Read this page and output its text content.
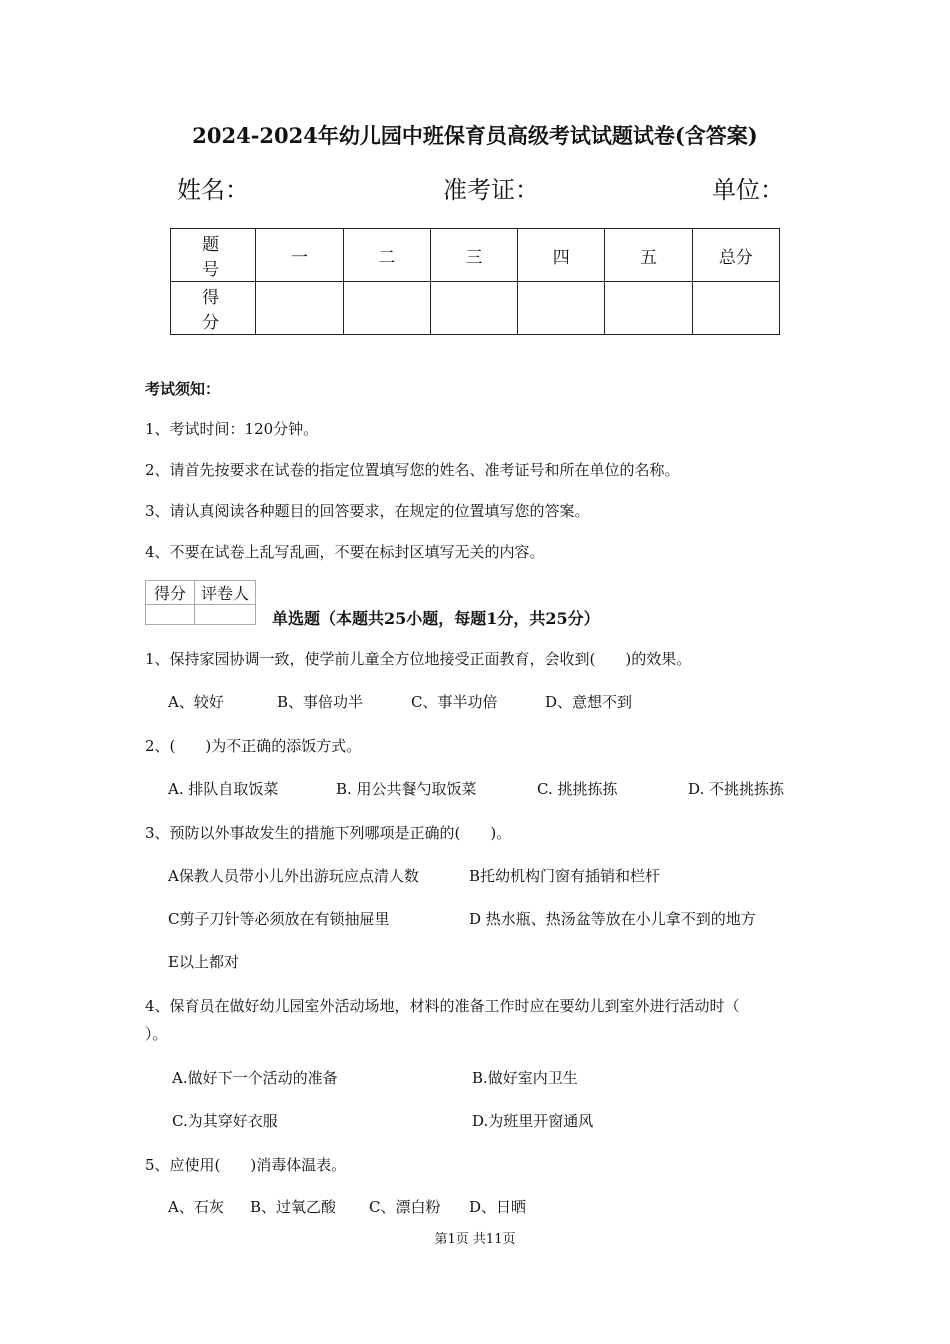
2024-2024年幼儿园中班保育员高级考试试题试卷(含答案)
姓名：	准考证：	单位：
题号	一	二	三	四	五	总分
得分						
考试须知：
1、考试时间：120分钟。
2、请首先按要求在试卷的指定位置填写您的姓名、准考证号和所在单位的名称。
3、请认真阅读各种题目的回答要求，在规定的位置填写您的答案。
4、不要在试卷上乱写乱画，不要在标封区填写无关的内容。
得分	评卷人

单选题（本题共25小题，每题1分，共25分）
1、保持家园协调一致，使学前儿童全方位地接受正面教育，会收到(　　)的效果。
A、较好	B、事倍功半	C、事半功倍	D、意想不到
2、(　　)为不正确的添饭方式。
A. 排队自取饭菜	B. 用公共餐勺取饭菜	C. 挑挑拣拣	D. 不挑挑拣拣
3、预防以外事故发生的措施下列哪项是正确的(　　)。
A保教人员带小儿外出游玩应点清人数	B托幼机构门窗有插销和栏杆
C剪子刀针等必须放在有锁抽屉里	D 热水瓶、热汤盆等放在小儿拿不到的地方
E以上都对
4、保育员在做好幼儿园室外活动场地，材料的准备工作时应在要幼儿到室外进行活动时（
）。
A.做好下一个活动的准备	B.做好室内卫生
C.为其穿好衣服	D.为班里开窗通风
5、应使用(　　)消毒体温表。
A、石灰 B、过氧乙酸 C、漂白粉 D、日晒
第1页 共11页
